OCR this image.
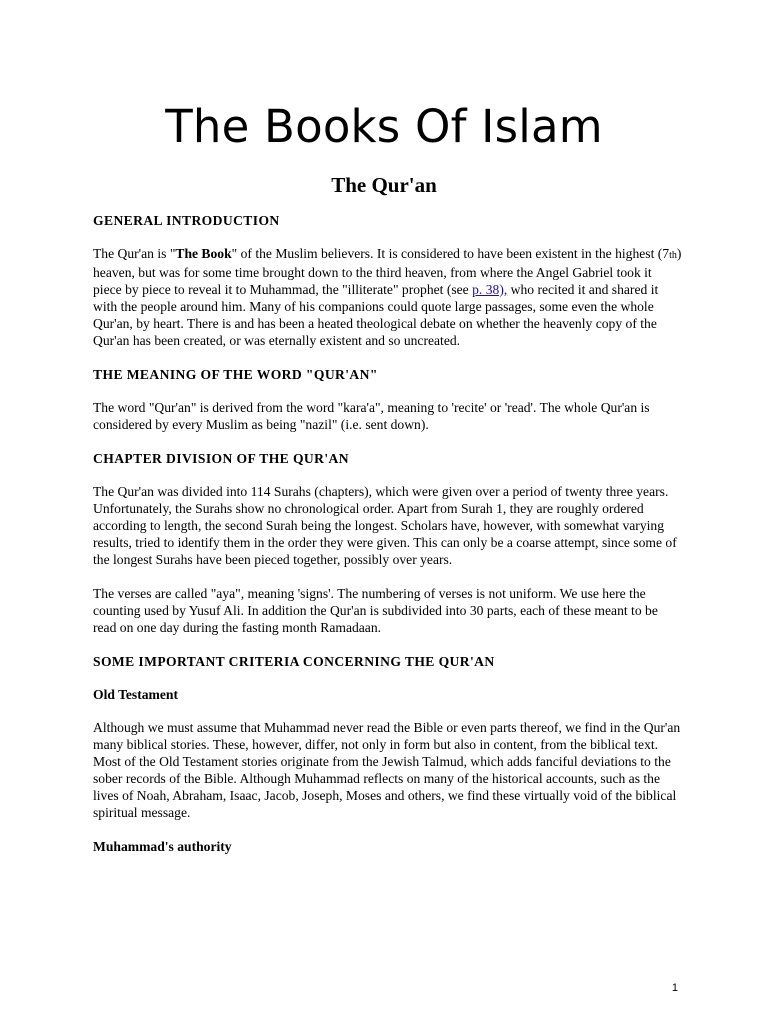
The Books Of Islam
The Qur'an
GENERAL INTRODUCTION

The Qur'an is "The Book" of the Muslim believers. It is considered to have been existent in the highest (7th) heaven, but was for some time brought down to the third heaven, from where the Angel Gabriel took it piece by piece to reveal it to Muhammad, the "illiterate" prophet (see p. 38), who recited it and shared it with the people around him. Many of his companions could quote large passages, some even the whole Qur'an, by heart. There is and has been a heated theological debate on whether the heavenly copy of the Qur'an has been created, or was eternally existent and so uncreated.

THE MEANING OF THE WORD "QUR'AN"

The word "Qur'an" is derived from the word "kara'a", meaning to 'recite' or 'read'. The whole Qur'an is considered by every Muslim as being "nazil" (i.e. sent down).

CHAPTER DIVISION OF THE QUR'AN

The Qur'an was divided into 114 Surahs (chapters), which were given over a period of twenty three years. Unfortunately, the Surahs show no chronological order. Apart from Surah 1, they are roughly ordered according to length, the second Surah being the longest. Scholars have, however, with somewhat varying results, tried to identify them in the order they were given. This can only be a coarse attempt, since some of the longest Surahs have been pieced together, possibly over years.

The verses are called "aya", meaning 'signs'. The numbering of verses is not uniform. We use here the counting used by Yusuf Ali. In addition the Qur'an is subdivided into 30 parts, each of these meant to be read on one day during the fasting month Ramadaan.

SOME IMPORTANT CRITERIA CONCERNING THE QUR'AN
Old Testament

Although we must assume that Muhammad never read the Bible or even parts thereof, we find in the Qur'an many biblical stories. These, however, differ, not only in form but also in content, from the biblical text. Most of the Old Testament stories originate from the Jewish Talmud, which adds fanciful deviations to the sober records of the Bible. Although Muhammad reflects on many of the historical accounts, such as the lives of Noah, Abraham, Isaac, Jacob, Joseph, Moses and others, we find these virtually void of the biblical spiritual message.

Muhammad's authority
1
